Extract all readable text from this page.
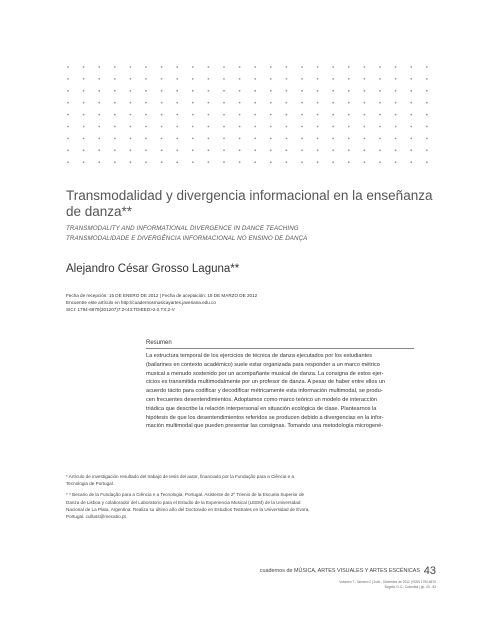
Transmodalidad y divergencia informacional en la enseñanza
de danza**
TRANSMODALITY AND INFORMATIONAL DIVERGENCE IN DANCE TEACHING
TRANSMODALIDADE E DIVERGÊNCIA INFORMACIONAL NO ENSINO DE DANÇA
Alejandro César Grosso Laguna**
Fecha de recepción: 15 DE ENERO DE 2012 | Fecha de aceptación: 15 DE MARZO DE 2012
Encuentre este artículo en http://cuadernosmusicayartes.javeriana.edu.co
SICI: 1794-6670(201207)7:2<43:TDIEED>2.0.TX;2-V
Resumen
La estructura temporal de los ejercicios de técnica de danza ejecutados por los estudiantes
(bailarines en contexto académico) suele estar organizada para responder a un marco métrico
musical a menudo sostenido por un acompañante musical de danza. La consigna de estos ejer-
cicios es transmitida multimodalmente por un profesor de danza. A pesar de haber entre ellos un
acuerdo tácito para codificar y decodificar métricamente esta información multimodal, se produ-
cen frecuentes desentendimientos. Adoptamos como marco teórico un modelo de interacción
triádica que describe la relación interpersonal en situación ecológica de clase. Plantearnos la
hipótesis de que los desentendimientos referidos se producen debido a divergencias en la infor-
mación multimodal que pueden presentar las consignas. Tomando una metodología microgené-
* Artículo de investigación resultado del trabajo de tesis del autor, financiado por la Fundação para a Ciência e a
Tecnologia de Portugal.
* * Becario de la Fundação para a Ciência e a Tecnologia, Portugal. Asistente de 2º Trienio de la Escuela Superior de
Danza de Lisboa y colaborador del Laboratorio para el Estudio de la Experiencia Musical (LEEM) de la Universidad
Nacional de La Plata, Argentina. Realiza su último año del Doctorado en Estudios Teatrales en la Universidad de Évora,
Portugal. culluss@mecabo.pt.
cuadernos de MÚSICA, ARTES VISUALES Y ARTES ESCÉNICAS 43
Volumen 7 - Número 2 | Julio - Diciembre de 2012 | ISSN 1794-6670
Bogotá, D.C., Colombia | pp. 43 - 63
